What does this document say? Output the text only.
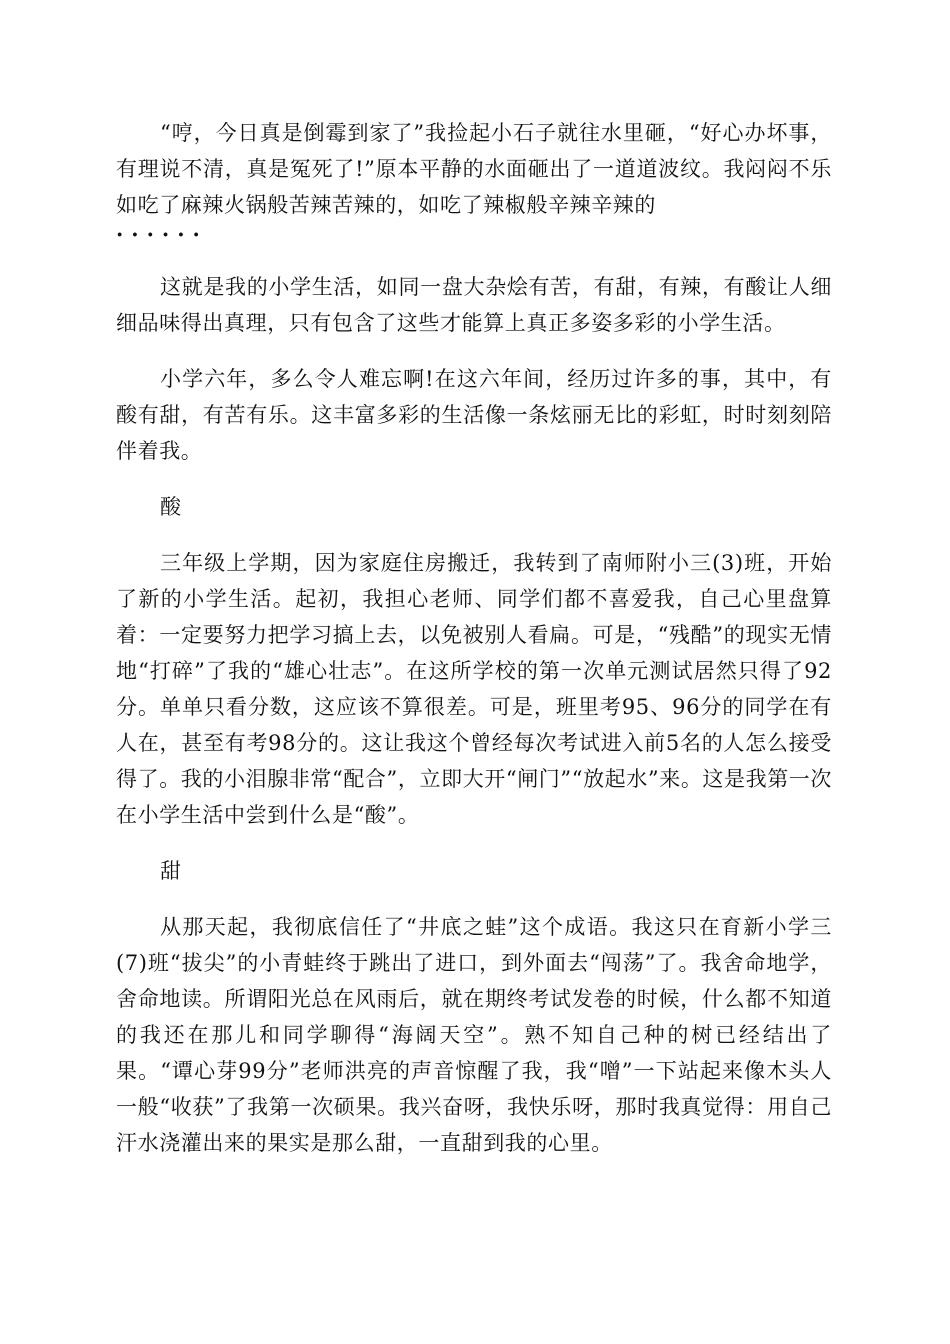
“哼，今日真是倒霉到家了”我捡起小石子就往水里砸，“好心办坏事，有理说不清，真是冤死了!”原本平静的水面砸出了一道道波纹。我闷闷不乐如吃了麻辣火锅般苦辣苦辣的，如吃了辣椒般辛辣辛辣的

······

这就是我的小学生活，如同一盘大杂烩有苦，有甜，有辣，有酸让人细细品味得出真理，只有包含了这些才能算上真正多姿多彩的小学生活。

小学六年，多么令人难忘啊!在这六年间，经历过许多的事，其中，有酸有甜，有苦有乐。这丰富多彩的生活像一条炫丽无比的彩虹，时时刻刻陪伴着我。

酸

三年级上学期，因为家庭住房搬迁，我转到了南师附小三(3)班，开始了新的小学生活。起初，我担心老师、同学们都不喜爱我，自己心里盘算着：一定要努力把学习搞上去，以免被别人看扁。可是，“残酷”的现实无情地“打碎”了我的“雄心壮志”。在这所学校的第一次单元测试居然只得了92分。单单只看分数，这应该不算很差。可是，班里考95、96分的同学在有人在，甚至有考98分的。这让我这个曾经每次考试进入前5名的人怎么接受得了。我的小泪腺非常“配合”，立即大开“闸门”“放起水”来。这是我第一次在小学生活中尝到什么是“酸”。

甜

从那天起，我彻底信任了“井底之蛙”这个成语。我这只在育新小学三(7)班“拔尖”的小青蛙终于跳出了进口，到外面去“闯荡”了。我舍命地学，舍命地读。所谓阳光总在风雨后，就在期终考试发卷的时候，什么都不知道的我还在那儿和同学聊得“海阔天空”。熟不知自己种的树已经结出了果。“谭心芽99分”老师洪亮的声音惊醒了我，我“噌”一下站起来像木头人一般“收获”了我第一次硕果。我兴奋呀，我快乐呀，那时我真觉得：用自己汗水浇灌出来的果实是那么甜，一直甜到我的心里。
